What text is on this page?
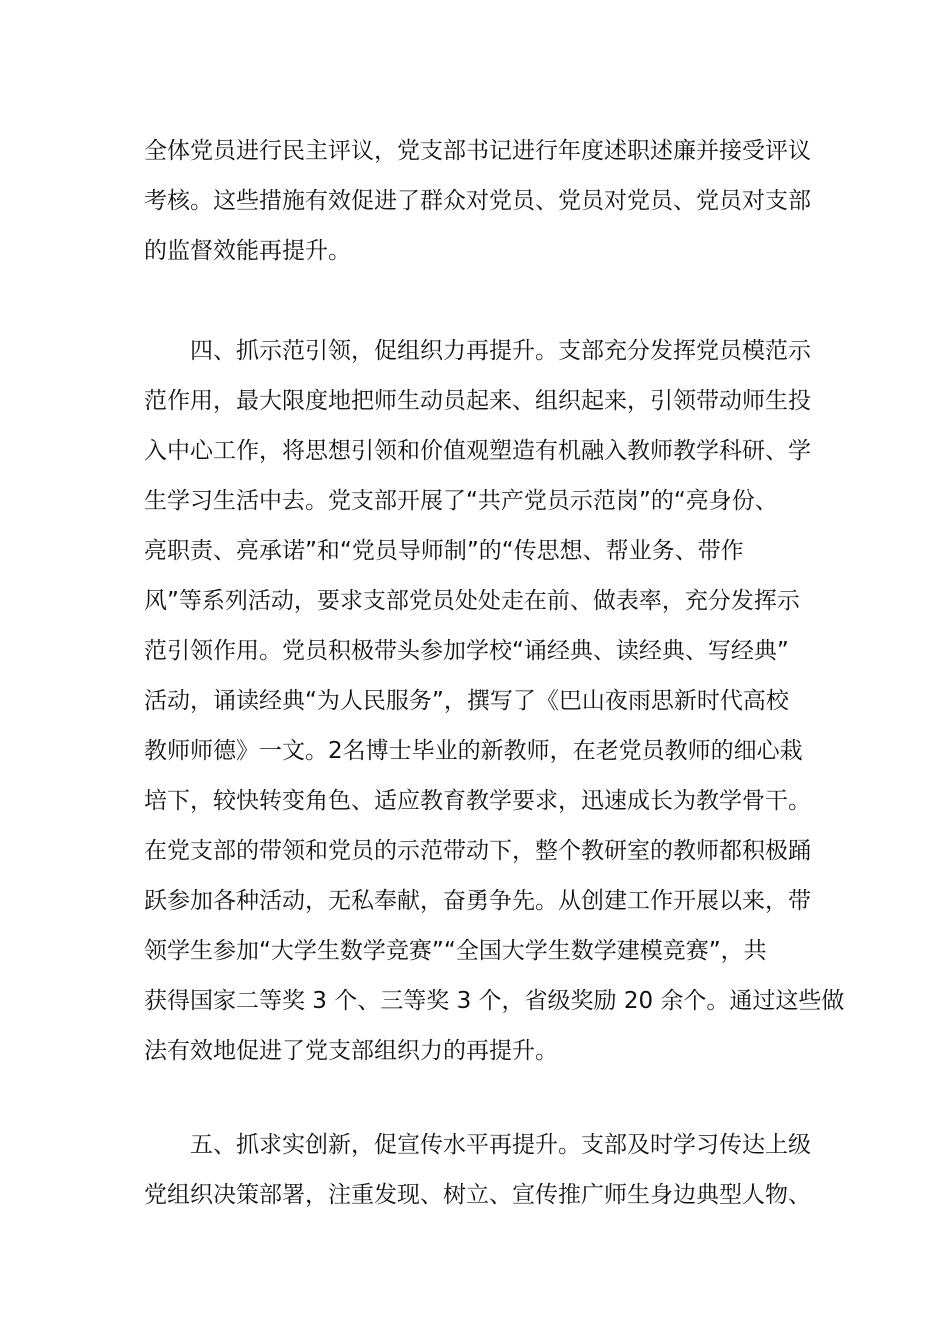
全体党员进行民主评议，党支部书记进行年度述职述廉并接受评议
考核。这些措施有效促进了群众对党员、党员对党员、党员对支部
的监督效能再提升。
四、抓示范引领，促组织力再提升。支部充分发挥党员模范示
范作用，最大限度地把师生动员起来、组织起来，引领带动师生投
入中心工作，将思想引领和价值观塑造有机融入教师教学科研、学
生学习生活中去。党支部开展了“共产党员示范岗”的“亮身份、
亮职责、亮承诺”和“党员导师制”的“传思想、帮业务、带作
风”等系列活动，要求支部党员处处走在前、做表率，充分发挥示
范引领作用。党员积极带头参加学校“诵经典、读经典、写经典”
活动，诵读经典“为人民服务”，撰写了《巴山夜雨思新时代高校
教师师德》一文。2名博士毕业的新教师，在老党员教师的细心栽
培下，较快转变角色、适应教育教学要求，迅速成长为教学骨干。
在党支部的带领和党员的示范带动下，整个教研室的教师都积极踊
跃参加各种活动，无私奉献，奋勇争先。从创建工作开展以来，带
领学生参加“大学生数学竞赛”“全国大学生数学建模竞赛”，共
获得国家二等奖 3 个、三等奖 3 个，省级奖励 20 余个。通过这些做
法有效地促进了党支部组织力的再提升。
五、抓求实创新，促宣传水平再提升。支部及时学习传达上级
党组织决策部署，注重发现、树立、宣传推广师生身边典型人物、
